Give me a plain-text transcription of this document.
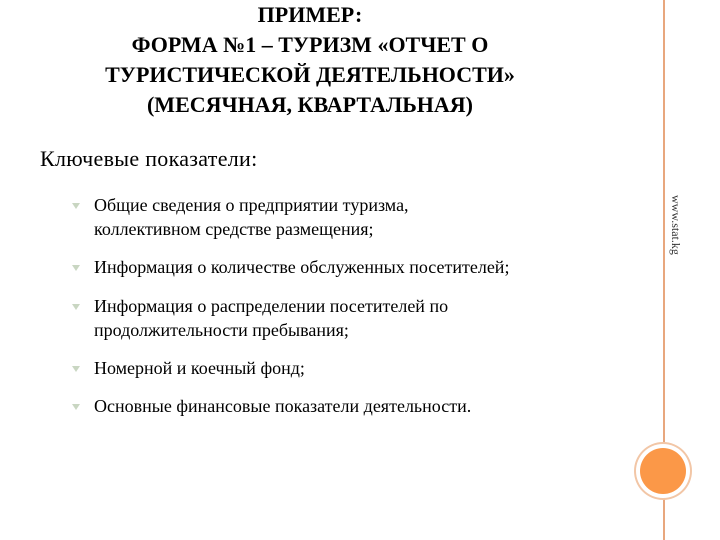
ПРИМЕР:
ФОРМА №1 – ТУРИЗМ «ОТЧЕТ О
ТУРИСТИЧЕСКОЙ ДЕЯТЕЛЬНОСТИ»
(МЕСЯЧНАЯ, КВАРТАЛЬНАЯ)
Ключевые показатели:
www.stat.kg
Общие сведения о предприятии туризма, коллективном средстве размещения;
Информация о количестве обслуженных посетителей;
Информация о распределении посетителей по продолжительности пребывания;
Номерной и коечный фонд;
Основные финансовые показатели деятельности.
